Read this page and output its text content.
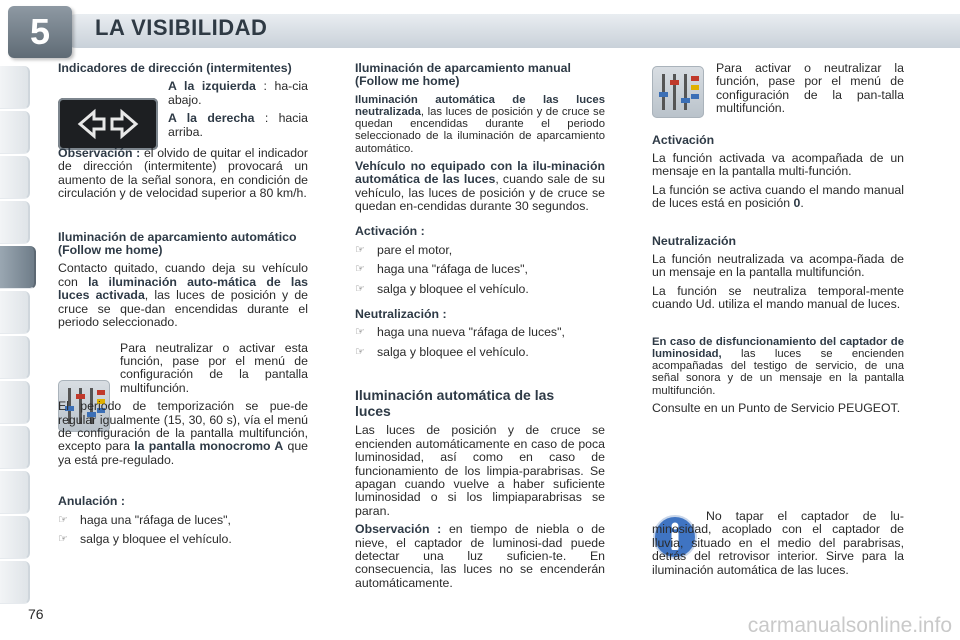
5	LA VISIBILIDAD

Indicadores de dirección (intermitentes)

A la izquierda : ha-cia abajo.

A la derecha : hacia arriba.

Observación : el olvido de quitar el indicador de dirección (intermitente) provocará un aumento de la señal sonora, en condición de circulación y de velocidad superior a 80 km/h.

Iluminación de aparcamiento automático (Follow me home)

Contacto quitado, cuando deja su vehículo con la iluminación auto-mática de las luces activada, las luces de posición y de cruce se que-dan encendidas durante el periodo seleccionado.

Para neutralizar o activar esta función, pase por el menú de configuración de la pantalla multifunción.

El periodo de temporización se pue-de regular igualmente (15, 30, 60 s), vía el menú de configuración de la pantalla multifunción, excepto para la pantalla monocromo A que ya está pre-regulado.

Anulación :

☞ haga una "ráfaga de luces",
☞ salga y bloquee el vehículo.

Iluminación de aparcamiento manual (Follow me home)

Iluminación automática de las luces neutralizada, las luces de posición y de cruce se quedan encendidas durante el periodo seleccionado de la iluminación de aparcamiento automático.

Vehículo no equipado con la ilu-minación automática de las luces, cuando sale de su vehículo, las luces de posición y de cruce se quedan en-cendidas durante 30 segundos.

Activación :

☞ pare el motor,
☞ haga una "ráfaga de luces",
☞ salga y bloquee el vehículo.

Neutralización :

☞ haga una nueva "ráfaga de luces",
☞ salga y bloquee el vehículo.

Iluminación automática de las luces

Las luces de posición y de cruce se encienden automáticamente en caso de poca luminosidad, así como en caso de funcionamiento de los limpia-parabrisas. Se apagan cuando vuelve a haber suficiente luminosidad o si los limpiaparabrisas se paran.

Observación : en tiempo de niebla o de nieve, el captador de luminosi-dad puede detectar una luz suficien-te. En consecuencia, las luces no se encenderán automáticamente.

Para activar o neutralizar la función, pase por el menú de configuración de la pan-talla multifunción.

Activación

La función activada va acompañada de un mensaje en la pantalla multi-función.

La función se activa cuando el mando manual de luces está en posición 0.

Neutralización

La función neutralizada va acompa-ñada de un mensaje en la pantalla multifunción.

La función se neutraliza temporal-mente cuando Ud. utiliza el mando manual de luces.

En caso de disfuncionamiento del captador de luminosidad, las luces se encienden acompañadas del testigo de servicio, de una señal sonora y de un mensaje en la pantalla multifunción.

Consulte en un Punto de Servicio PEUGEOT.

No tapar el captador de lu-minosidad, acoplado con el captador de lluvia, situado en el medio del parabrisas, detrás del retrovisor interior. Sirve para la iluminación automática de las luces.
76	carmanualsonline.info
